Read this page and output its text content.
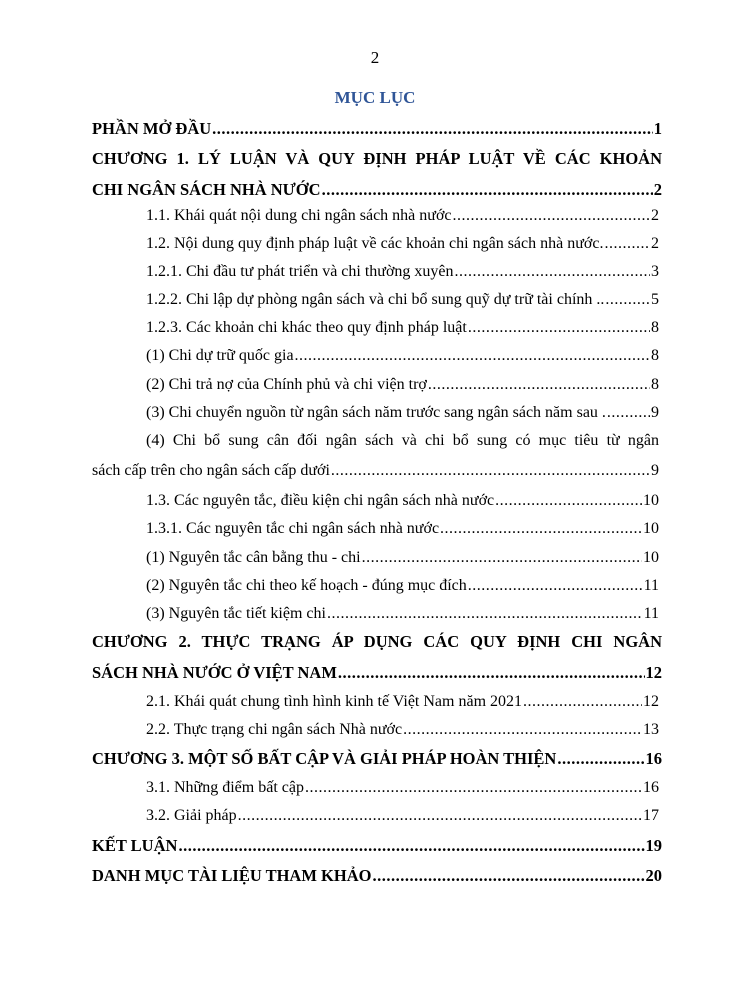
2
MỤC LỤC
PHẦN MỞ ĐẦU .....	1
CHƯƠNG 1. LÝ LUẬN VÀ QUY ĐỊNH PHÁP LUẬT VỀ CÁC KHOẢN
CHI NGÂN SÁCH NHÀ NƯỚC .....	2
1.1. Khái quát nội dung chi ngân sách nhà nước .....	2
1.2. Nội dung quy định pháp luật về các khoản chi ngân sách nhà nước. .....	2
1.2.1. Chi đầu tư phát triển và chi thường xuyên .....	3
1.2.2. Chi lập dự phòng ngân sách và chi bổ sung quỹ dự trữ tài chính .. .....	5
1.2.3. Các khoản chi khác theo quy định pháp luật .....	8
(1) Chi dự trữ quốc gia .....	8
(2) Chi trả nợ của Chính phủ và chi viện trợ .....	8
(3) Chi chuyển nguồn từ ngân sách năm trước sang ngân sách năm sau . .....	9
(4) Chi bổ sung cân đối ngân sách và chi bổ sung có mục tiêu từ ngân
sách cấp trên cho ngân sách cấp dưới .....	9
1.3. Các nguyên tắc, điều kiện chi ngân sách nhà nước .....	10
1.3.1. Các nguyên tắc chi ngân sách nhà nước .....	10
(1) Nguyên tắc cân bằng thu - chi .....	10
(2) Nguyên tắc chi theo kế hoạch - đúng mục đích .....	11
(3) Nguyên tắc tiết kiệm chi .....	11
CHƯƠNG 2. THỰC TRẠNG ÁP DỤNG CÁC QUY ĐỊNH CHI NGÂN
SÁCH NHÀ NƯỚC Ở VIỆT NAM .....	12
2.1. Khái quát chung tình hình kinh tế Việt Nam năm 2021 .....	12
2.2. Thực trạng chi ngân sách Nhà nước .....	13
CHƯƠNG 3. MỘT SỐ BẤT CẬP VÀ GIẢI PHÁP HOÀN THIỆN .....	16
3.1. Những điểm bất cập .....	16
3.2. Giải pháp .....	17
KẾT LUẬN .....	19
DANH MỤC TÀI LIỆU THAM KHẢO .....	20
